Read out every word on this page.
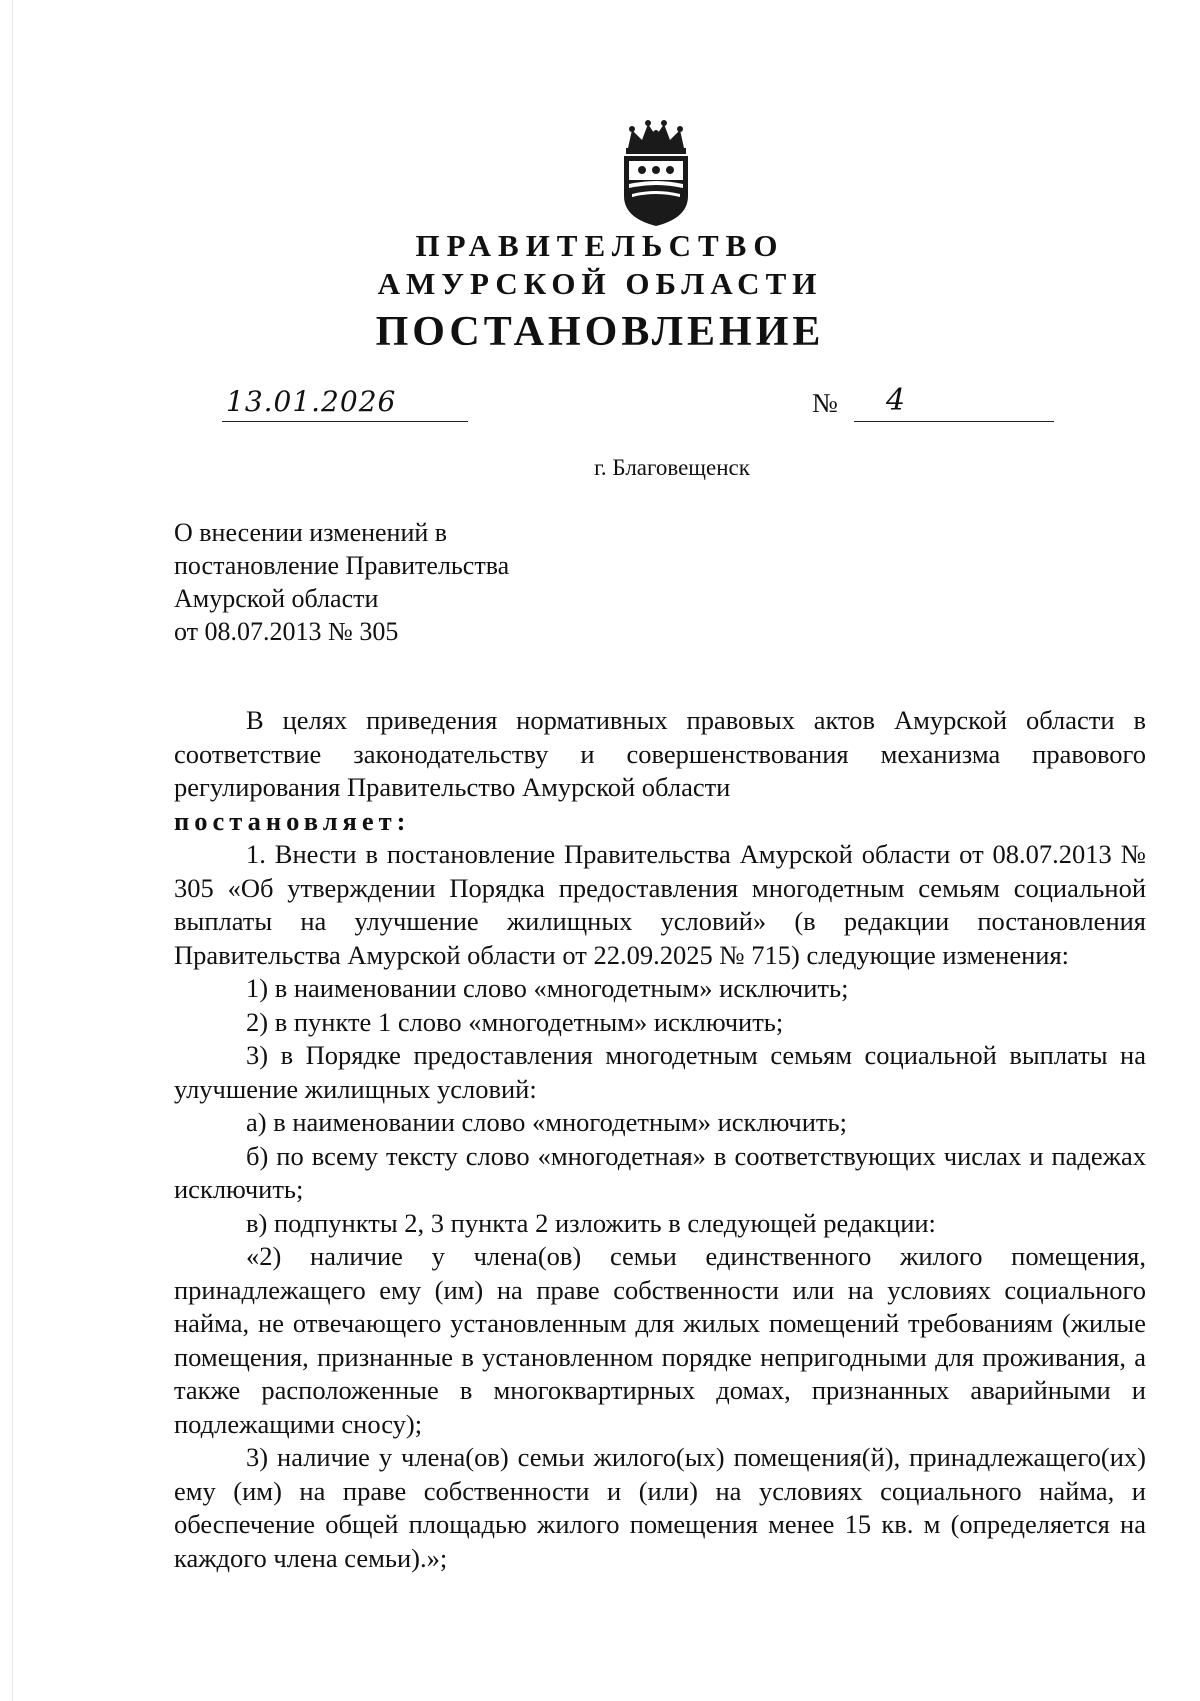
ПРАВИТЕЛЬСТВО
АМУРСКОЙ ОБЛАСТИ
ПОСТАНОВЛЕНИЕ
13.01.2026	№ 4
г. Благовещенск
О внесении изменений в
постановление Правительства
Амурской области
от 08.07.2013 № 305

В целях приведения нормативных правовых актов Амурской области в соответствие законодательству и совершенствования механизма правового регулирования Правительство Амурской области

постановляет:

1. Внести в постановление Правительства Амурской области от 08.07.2013 № 305 «Об утверждении Порядка предоставления многодетным семьям социальной выплаты на улучшение жилищных условий» (в редакции постановления Правительства Амурской области от 22.09.2025 № 715) следующие изменения:

1) в наименовании слово «многодетным» исключить;

2) в пункте 1 слово «многодетным» исключить;

3) в Порядке предоставления многодетным семьям социальной выплаты на улучшение жилищных условий:

а) в наименовании слово «многодетным» исключить;

б) по всему тексту слово «многодетная» в соответствующих числах и падежах исключить;

в) подпункты 2, 3 пункта 2 изложить в следующей редакции:

«2) наличие у члена(ов) семьи единственного жилого помещения, принадлежащего ему (им) на праве собственности или на условиях социального найма, не отвечающего установленным для жилых помещений требованиям (жилые помещения, признанные в установленном порядке непригодными для проживания, а также расположенные в многоквартирных домах, признанных аварийными и подлежащими сносу);

3) наличие у члена(ов) семьи жилого(ых) помещения(й), принадлежащего(их) ему (им) на праве собственности и (или) на условиях социального найма, и обеспечение общей площадью жилого помещения менее 15 кв. м (определяется на каждого члена семьи).»;
